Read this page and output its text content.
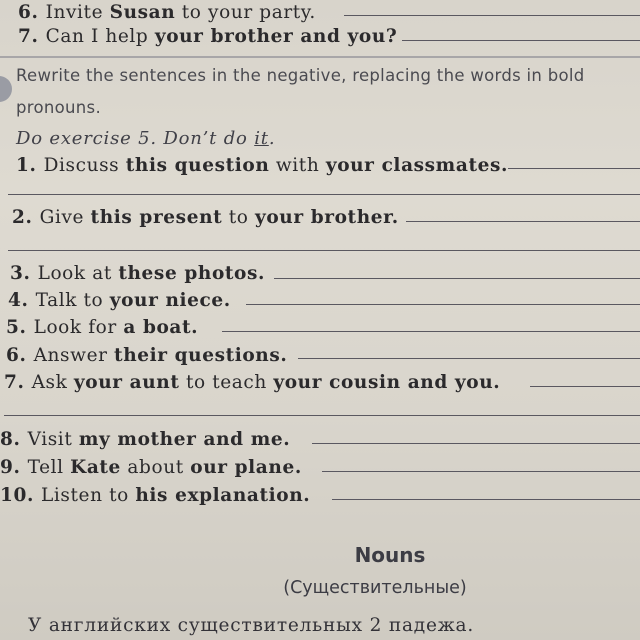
6. Invite Susan to your party.
7. Can I help your brother and you?
Rewrite the sentences in the negative, replacing the words in bold
pronouns.
Do exercise 5. Don’t do it.
1. Discuss this question with your classmates.
2. Give this present to your brother.
3. Look at these photos.
4. Talk to your niece.
5. Look for a boat.
6. Answer their questions.
7. Ask your aunt to teach your cousin and you.
8. Visit my mother and me.
9. Tell Kate about our plane.
10. Listen to his explanation.
Nouns
(Существительные)
У английских существительных 2 падежа.
